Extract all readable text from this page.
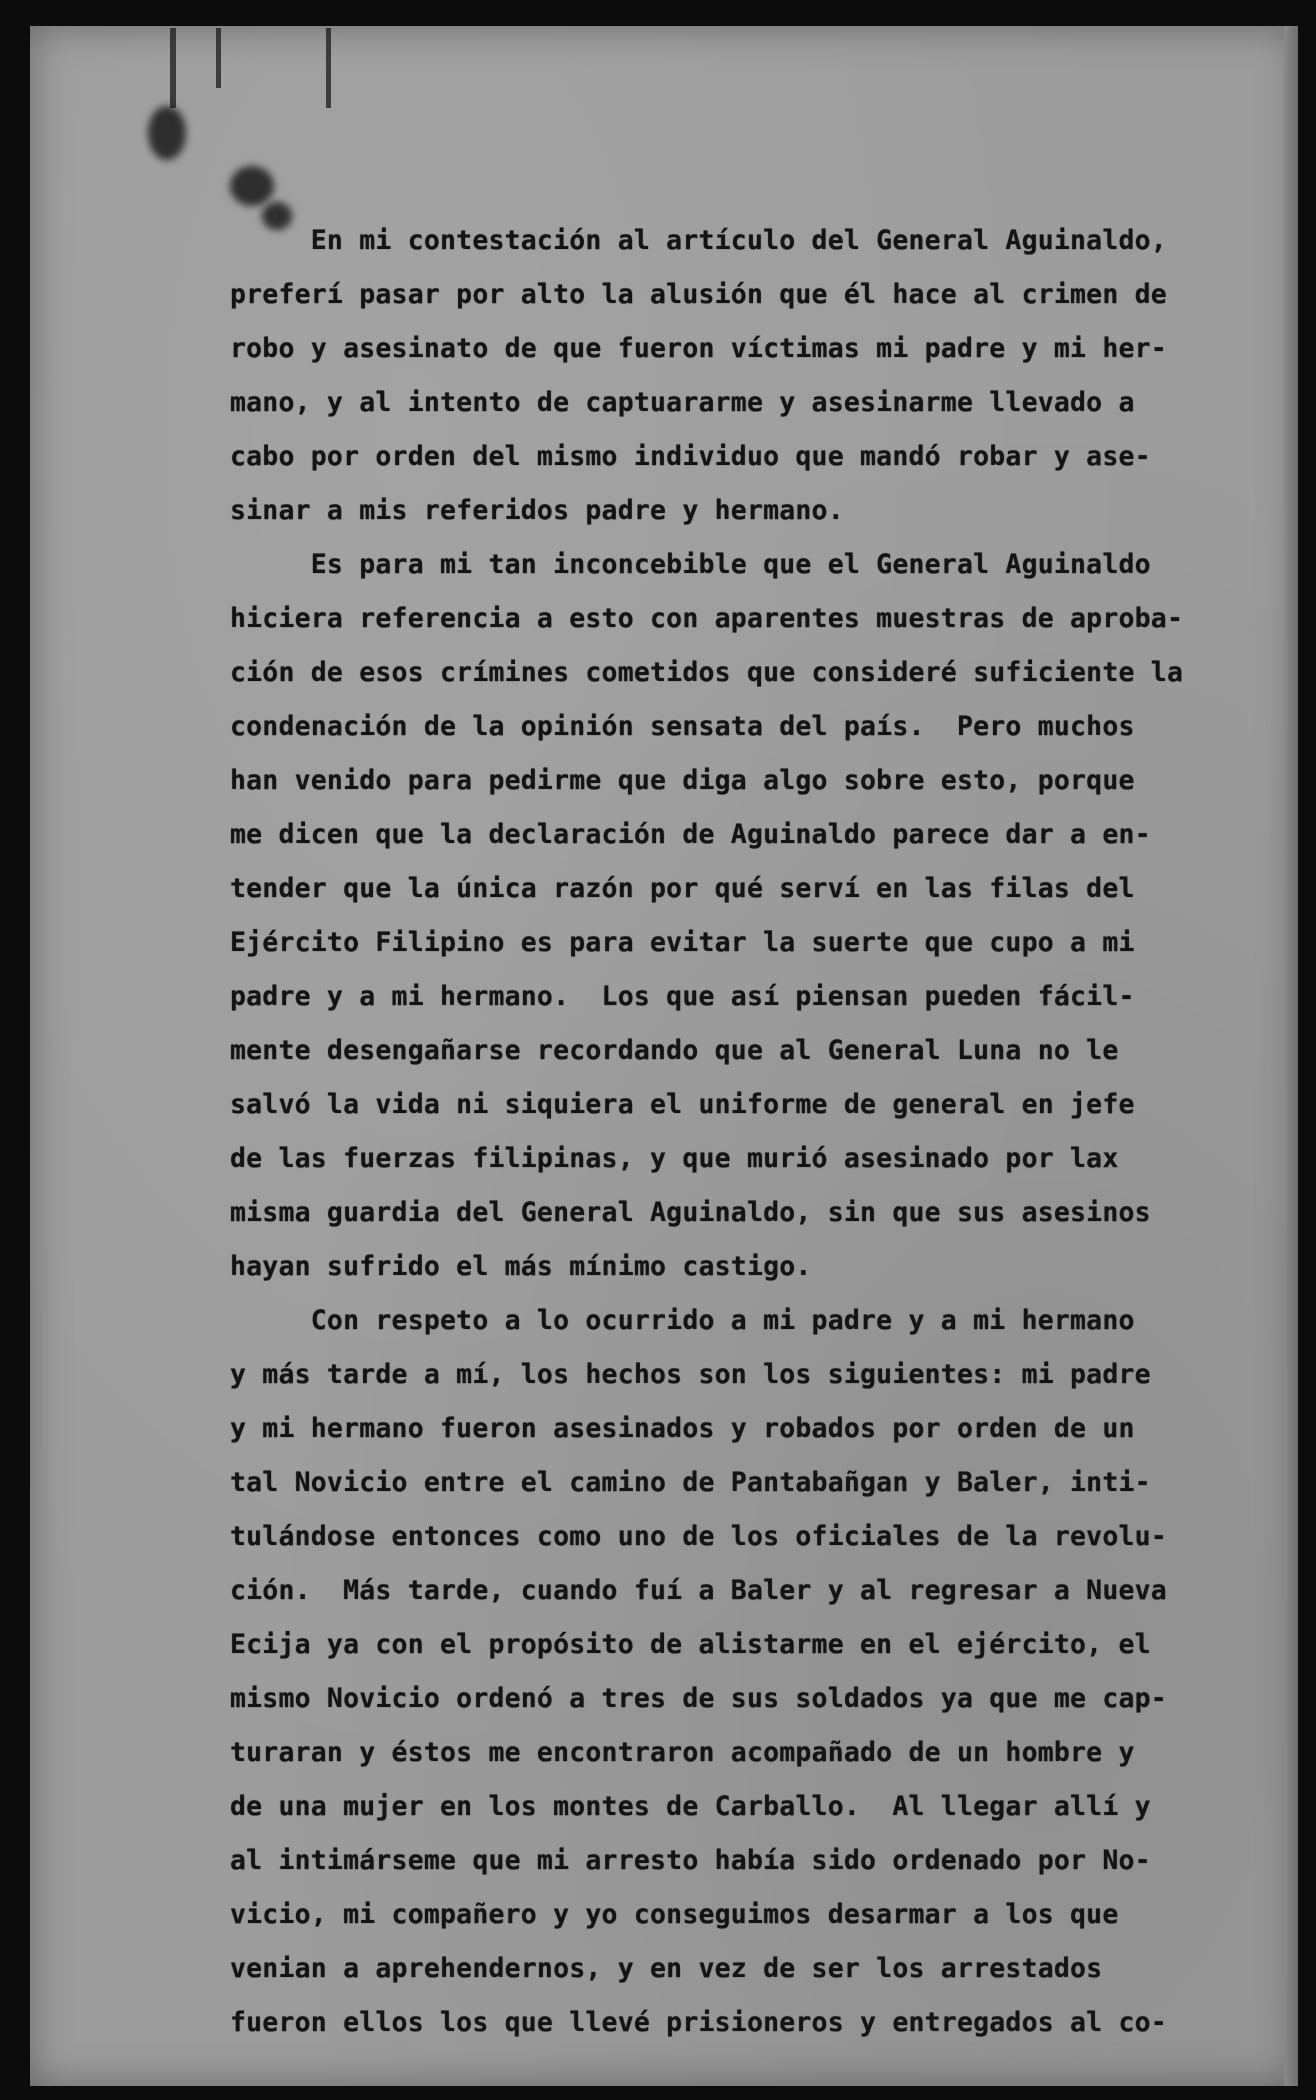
En mi contestación al artículo del General Aguinaldo,
preferí pasar por alto la alusión que él hace al crimen de
robo y asesinato de que fueron víctimas mi padre y mi her-
mano, y al intento de captuararme y asesinarme llevado a
cabo por orden del mismo individuo que mandó robar y ase-
sinar a mis referidos padre y hermano.
Es para mi tan inconcebible que el General Aguinaldo
hiciera referencia a esto con aparentes muestras de aproba-
ción de esos crímines cometidos que consideré suficiente la
condenación de la opinión sensata del país.  Pero muchos
han venido para pedirme que diga algo sobre esto, porque
me dicen que la declaración de Aguinaldo parece dar a en-
tender que la única razón por qué serví en las filas del
Ejército Filipino es para evitar la suerte que cupo a mi
padre y a mi hermano.  Los que así piensan pueden fácil-
mente desengañarse recordando que al General Luna no le
salvó la vida ni siquiera el uniforme de general en jefe
de las fuerzas filipinas, y que murió asesinado por lax
misma guardia del General Aguinaldo, sin que sus asesinos
hayan sufrido el más mínimo castigo.
Con respeto a lo ocurrido a mi padre y a mi hermano
y más tarde a mí, los hechos son los siguientes: mi padre
y mi hermano fueron asesinados y robados por orden de un
tal Novicio entre el camino de Pantabañgan y Baler, inti-
tulándose entonces como uno de los oficiales de la revolu-
ción.  Más tarde, cuando fuí a Baler y al regresar a Nueva
Ecija ya con el propósito de alistarme en el ejército, el
mismo Novicio ordenó a tres de sus soldados ya que me cap-
turaran y éstos me encontraron acompañado de un hombre y
de una mujer en los montes de Carballo.  Al llegar allí y
al intimárseme que mi arresto había sido ordenado por No-
vicio, mi compañero y yo conseguimos desarmar a los que
venian a aprehendernos, y en vez de ser los arrestados
fueron ellos los que llevé prisioneros y entregados al co-
